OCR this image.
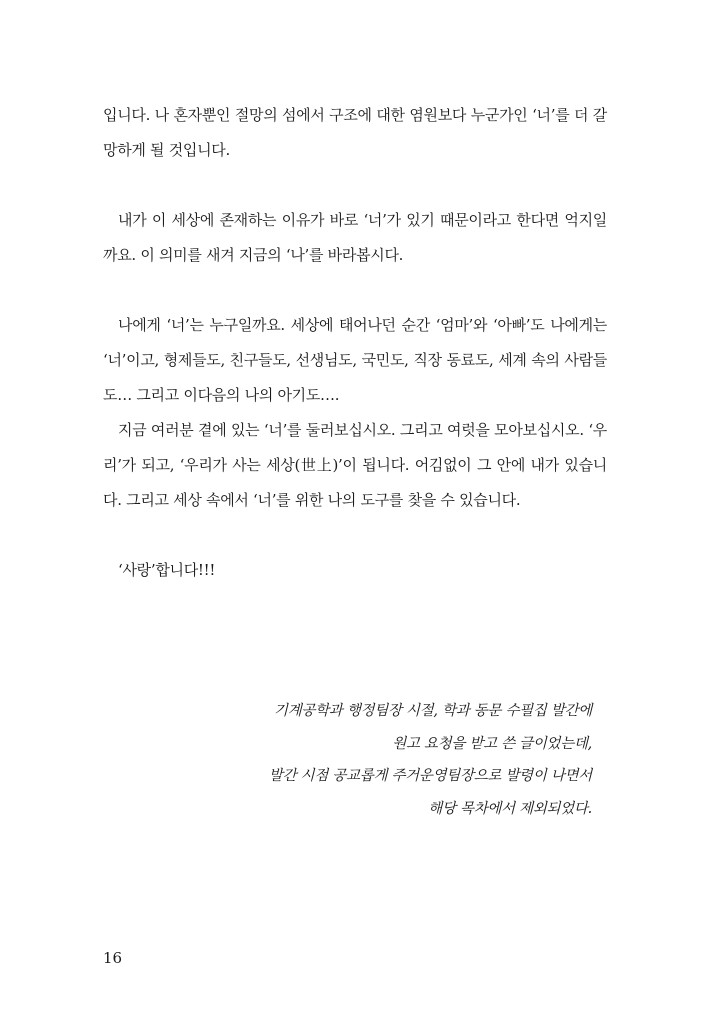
입니다. 나 혼자뿐인 절망의 섬에서 구조에 대한 염원보다 누군가인 ‘너’를 더 갈망하게 될 것입니다.

내가 이 세상에 존재하는 이유가 바로 ‘너’가 있기 때문이라고 한다면 억지일까요. 이 의미를 새겨 지금의 ‘나’를 바라봅시다.

나에게 ‘너’는 누구일까요. 세상에 태어나던 순간 ‘엄마’와 ‘아빠’도 나에게는 ‘너’이고, 형제들도, 친구들도, 선생님도, 국민도, 직장 동료도, 세계 속의 사람들도… 그리고 이다음의 나의 아기도….

지금 여러분 곁에 있는 ‘너’를 둘러보십시오. 그리고 여럿을 모아보십시오. ‘우리’가 되고, ‘우리가 사는 세상(世上)’이 됩니다. 어김없이 그 안에 내가 있습니다. 그리고 세상 속에서 ‘너’를 위한 나의 도구를 찾을 수 있습니다.

‘사랑’합니다!!!

기계공학과 행정팀장 시절, 학과 동문 수필집 발간에
원고 요청을 받고 쓴 글이었는데,
발간 시점 공교롭게 주거운영팀장으로 발령이 나면서
해당 목차에서 제외되었다.
16
